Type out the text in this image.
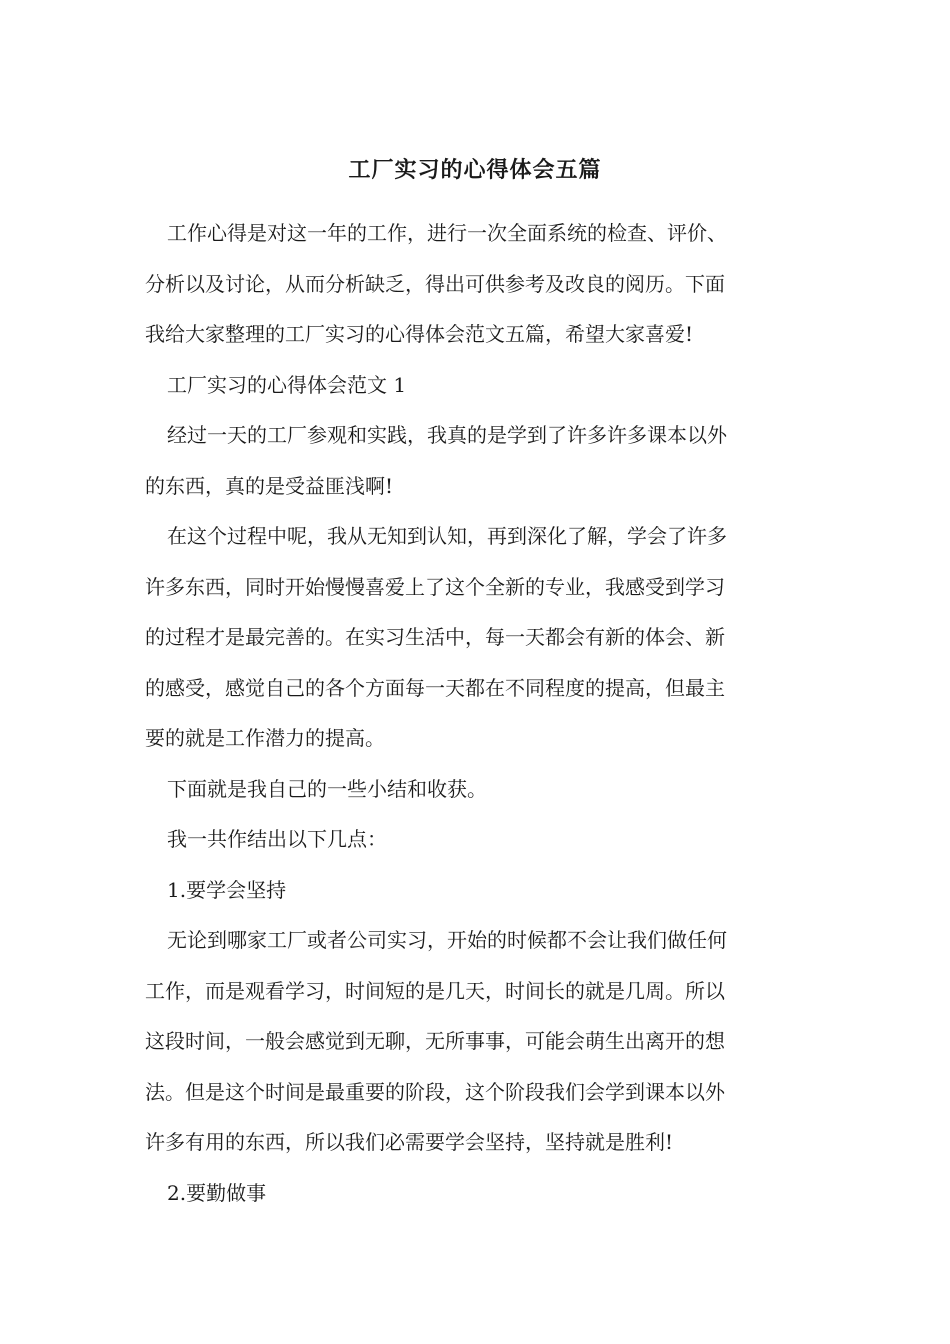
工厂实习的心得体会五篇

工作心得是对这一年的工作，进行一次全面系统的检查、评价、
分析以及讨论，从而分析缺乏，得出可供参考及改良的阅历。下面
我给大家整理的工厂实习的心得体会范文五篇，希望大家喜爱!

工厂实习的心得体会范文 1

经过一天的工厂参观和实践，我真的是学到了许多许多课本以外
的东西，真的是受益匪浅啊!

在这个过程中呢，我从无知到认知，再到深化了解，学会了许多
许多东西，同时开始慢慢喜爱上了这个全新的专业，我感受到学习
的过程才是最完善的。在实习生活中，每一天都会有新的体会、新
的感受，感觉自己的各个方面每一天都在不同程度的提高，但最主
要的就是工作潜力的提高。

下面就是我自己的一些小结和收获。

我一共作结出以下几点：

1.要学会坚持

无论到哪家工厂或者公司实习，开始的时候都不会让我们做任何
工作，而是观看学习，时间短的是几天，时间长的就是几周。所以
这段时间，一般会感觉到无聊，无所事事，可能会萌生出离开的想
法。但是这个时间是最重要的阶段，这个阶段我们会学到课本以外
许多有用的东西，所以我们必需要学会坚持，坚持就是胜利!

2.要勤做事
